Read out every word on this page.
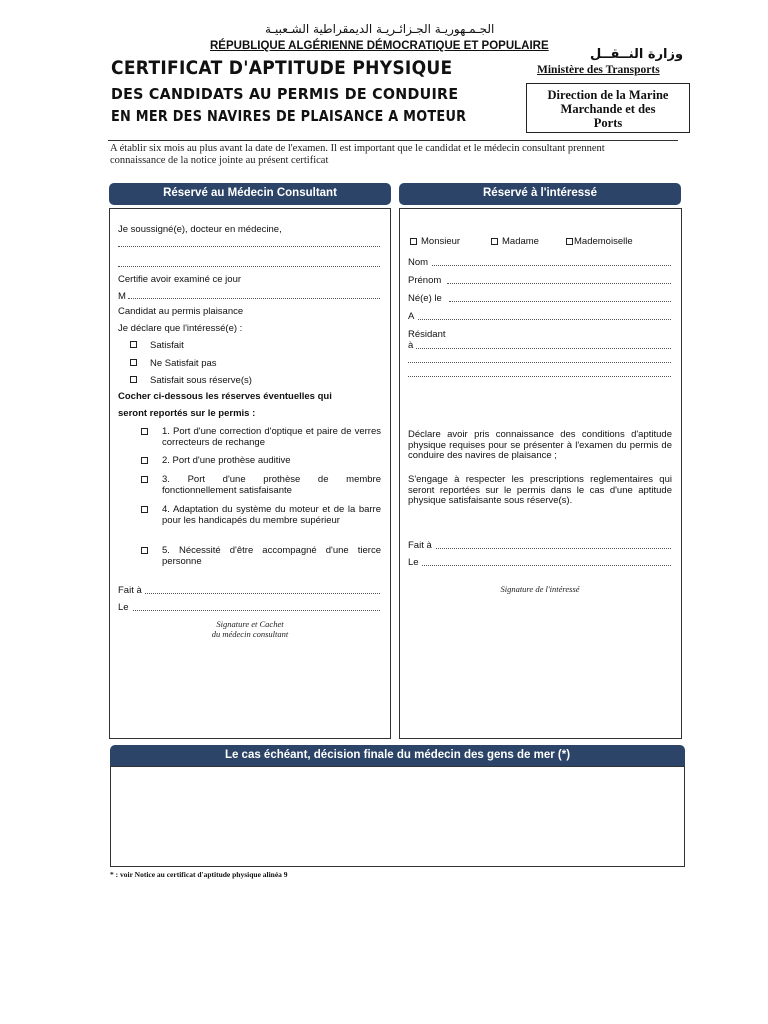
الجـمـهوريـة الجـزائـريـة الديمقراطية الشـعبيـة
RÉPUBLIQUE ALGÉRIENNE DÉMOCRATIQUE ET POPULAIRE
CERTIFICAT D'APTITUDE PHYSIQUE
DES CANDIDATS AU PERMIS DE CONDUIRE
EN MER DES NAVIRES DE PLAISANCE A MOTEUR
وزارة النــقــل
Ministère des Transports
Direction de la Marine
Marchande et des
Ports
A établir six mois au plus avant la date de l'examen. Il est important que le candidat et le médecin consultant prennent
connaissance de la notice jointe au présent certificat
Réservé au Médecin Consultant
Je soussigné(e), docteur en médecine,
Certifie avoir examiné ce jour
M
Candidat au permis plaisance
Je déclare que l'intéressé(e) :
Satisfait
Ne Satisfait pas
Satisfait sous réserve(s)
Cocher ci-dessous les réserves éventuelles qui
seront reportés sur le permis :
1. Port d'une correction d'optique et paire de verres correcteurs de rechange
2. Port d'une prothèse auditive
3. Port d'une prothèse de membre fonctionnellement satisfaisante
4. Adaptation du système du moteur et de la barre pour les handicapés du membre supérieur
5. Nécessité d'être accompagné d'une tierce personne
Fait à
Le
Signature et Cachet
du médecin consultant
Réservé à l'intéressé
Monsieur	Madame	Mademoiselle
Nom
Prénom
Né(e) le
A
Résidant
à
Déclare avoir pris connaissance des conditions d'aptitude physique requises pour se présenter à l'examen du permis de conduire des navires de plaisance ;
S'engage à respecter les prescriptions reglementaires qui seront reportées sur le permis dans le cas d'une aptitude physique satisfaisante sous réserve(s).
Fait à
Le
Signature de l'intéressé
Le cas échéant, décision finale du médecin des gens de mer (*)
* : voir Notice au certificat d'aptitude physique alinéa 9
